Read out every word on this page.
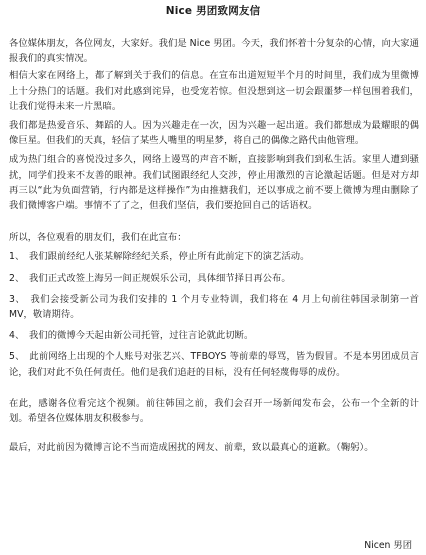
Nice 男团致网友信

各位媒体朋友，各位网友，大家好。我们是 Nice 男团。今天，我们怀着十分复杂的心情，向大家通报我们的真实情况。

相信大家在网络上，都了解到关于我们的信息。在宣布出道短短半个月的时间里，我们成为里微博上十分热门的话题。我们对此感到诧异，也受宠若惊。但没想到这一切会跟噩梦一样包围着我们，让我们觉得未来一片黑暗。

我们都是热爱音乐、舞蹈的人。因为兴趣走在一次，因为兴趣一起出道。我们都想成为最耀眼的偶像巨星。但我们的天真，轻信了某些人嘴里的明星梦，将自己的偶像之路代由他管理。

成为热门组合的喜悦没过多久，网络上谩骂的声音不断，直接影响到我们到私生活。家里人遭到骚扰，同学们投来不友善的眼神。我们试图跟经纪人交涉，停止用激烈的言论激起话题。但是对方却再三以“此为负面营销，行内都是这样操作”为由推搪我们，还以事成之前不要上微博为理由删除了我们微博客户端。事情不了了之，但我们坚信，我们要抢回自己的话语权。

所以，各位观看的朋友们，我们在此宣布：

1、　我们跟前经纪人张某解除经纪关系，停止所有此前定下的演艺活动。

2、　我们正式改签上海另一间正规娱乐公司，具体细节择日再公布。

3、　我们会接受新公司为我们安排的 1 个月专业特训，我们将在 4 月上旬前往韩国录制第一首 MV，敬请期待。

4、　我们的微博今天起由新公司托管，过往言论就此切断。

5、　此前网络上出现的个人账号对张艺兴、TFBOYS 等前辈的辱骂，皆为假冒。不是本男团成员言论，我们对此不负任何责任。他们是我们追赶的目标，没有任何轻蔑侮辱的成份。

在此，感谢各位看完这个视频。前往韩国之前，我们会召开一场新闻发布会，公布一个全新的计划。希望各位媒体朋友积极参与。

最后，对此前因为微博言论不当而造成困扰的网友、前辈，致以最真心的道歉。（鞠躬）。

Nicen 男团
